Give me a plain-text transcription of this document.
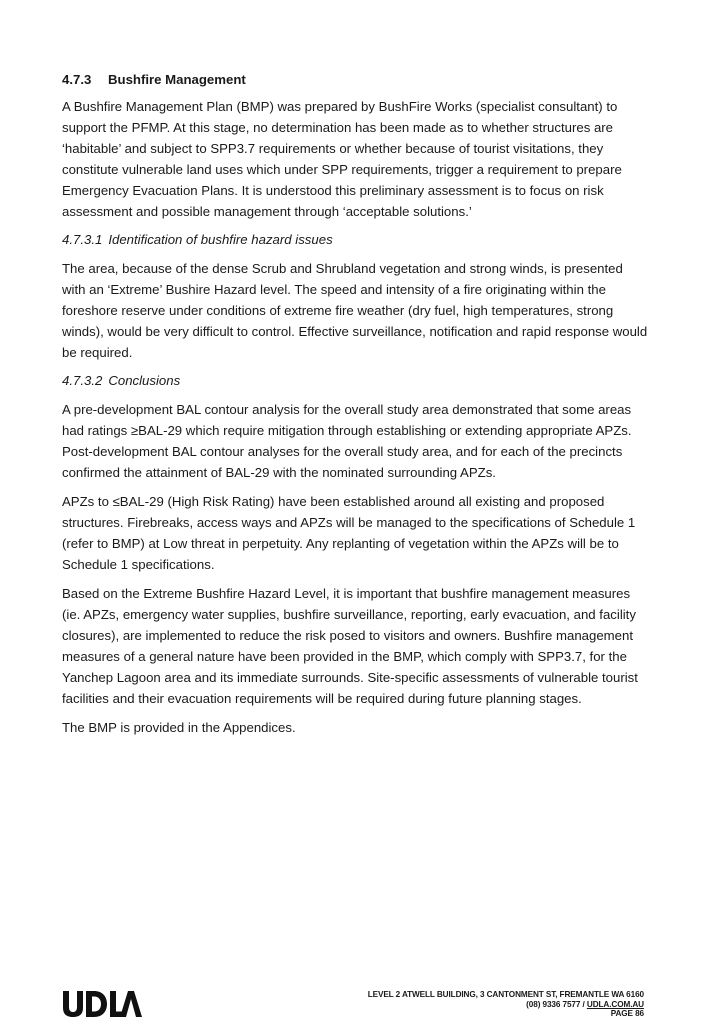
4.7.3 Bushfire Management

A Bushfire Management Plan (BMP) was prepared by BushFire Works (specialist consultant) to support the PFMP. At this stage, no determination has been made as to whether structures are ‘habitable’ and subject to SPP3.7 requirements or whether because of tourist visitations, they constitute vulnerable land uses which under SPP requirements, trigger a requirement to prepare Emergency Evacuation Plans. It is understood this preliminary assessment is to focus on risk assessment and possible management through ‘acceptable solutions.’

4.7.3.1 Identification of bushfire hazard issues

The area, because of the dense Scrub and Shrubland vegetation and strong winds, is presented with an ‘Extreme’ Bushire Hazard level. The speed and intensity of a fire originating within the foreshore reserve under conditions of extreme fire weather (dry fuel, high temperatures, strong winds), would be very difficult to control. Effective surveillance, notification and rapid response would be required.

4.7.3.2 Conclusions

A pre-development BAL contour analysis for the overall study area demonstrated that some areas had ratings ≥BAL-29 which require mitigation through establishing or extending appropriate APZs. Post-development BAL contour analyses for the overall study area, and for each of the precincts confirmed the attainment of BAL-29 with the nominated surrounding APZs.

APZs to ≤BAL-29 (High Risk Rating) have been established around all existing and proposed structures. Firebreaks, access ways and APZs will be managed to the specifications of Schedule 1 (refer to BMP) at Low threat in perpetuity. Any replanting of vegetation within the APZs will be to Schedule 1 specifications.

Based on the Extreme Bushfire Hazard Level, it is important that bushfire management measures (ie. APZs, emergency water supplies, bushfire surveillance, reporting, early evacuation, and facility closures), are implemented to reduce the risk posed to visitors and owners. Bushfire management measures of a general nature have been provided in the BMP, which comply with SPP3.7, for the Yanchep Lagoon area and its immediate surrounds. Site-specific assessments of vulnerable tourist facilities and their evacuation requirements will be required during future planning stages.

The BMP is provided in the Appendices.

LEVEL 2 ATWELL BUILDING, 3 CANTONMENT ST, FREMANTLE WA 6160
(08) 9336 7577 / UDLA.COM.AU
PAGE 86
